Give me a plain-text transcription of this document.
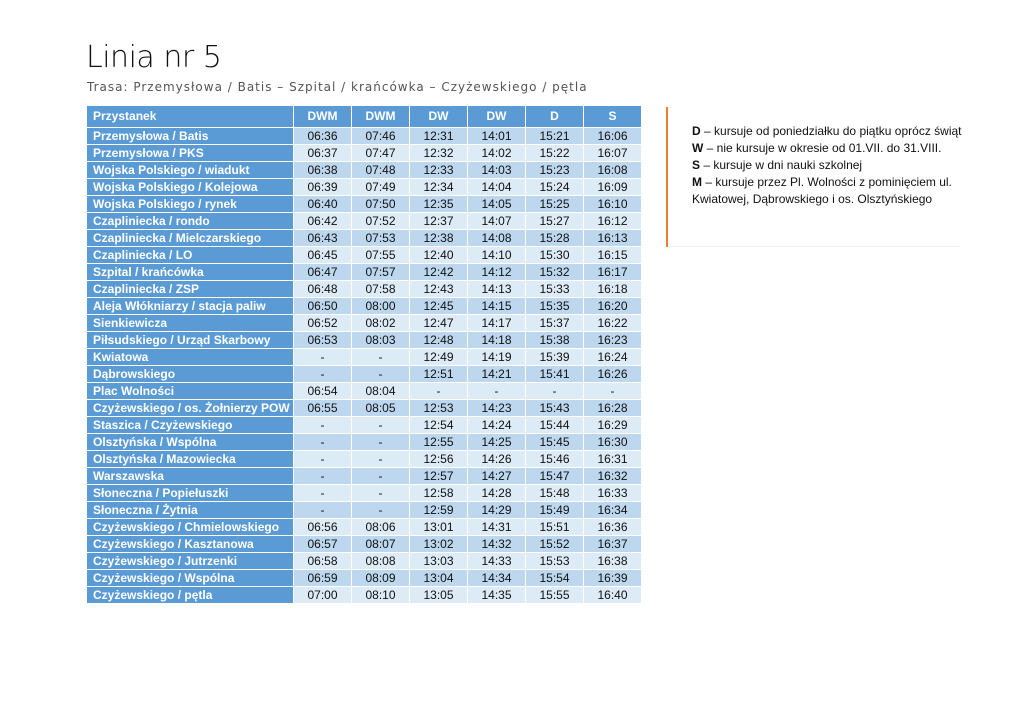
Linia nr 5
Trasa: Przemysłowa / Batis – Szpital / krańcówka – Czyżewskiego / pętla
Przystanek	DWM	DWM	DW	DW	D	S
Przemysłowa / Batis	06:36	07:46	12:31	14:01	15:21	16:06
Przemysłowa / PKS	06:37	07:47	12:32	14:02	15:22	16:07
Wojska Polskiego / wiadukt	06:38	07:48	12:33	14:03	15:23	16:08
Wojska Polskiego / Kolejowa	06:39	07:49	12:34	14:04	15:24	16:09
Wojska Polskiego / rynek	06:40	07:50	12:35	14:05	15:25	16:10
Czapliniecka / rondo	06:42	07:52	12:37	14:07	15:27	16:12
Czapliniecka / Mielczarskiego	06:43	07:53	12:38	14:08	15:28	16:13
Czapliniecka / LO	06:45	07:55	12:40	14:10	15:30	16:15
Szpital / krańcówka	06:47	07:57	12:42	14:12	15:32	16:17
Czapliniecka / ZSP	06:48	07:58	12:43	14:13	15:33	16:18
Aleja Włókniarzy / stacja paliw	06:50	08:00	12:45	14:15	15:35	16:20
Sienkiewicza	06:52	08:02	12:47	14:17	15:37	16:22
Piłsudskiego / Urząd Skarbowy	06:53	08:03	12:48	14:18	15:38	16:23
Kwiatowa	-	-	12:49	14:19	15:39	16:24
Dąbrowskiego	-	-	12:51	14:21	15:41	16:26
Plac Wolności	06:54	08:04	-	-	-	-
Czyżewskiego / os. Żołnierzy POW	06:55	08:05	12:53	14:23	15:43	16:28
Staszica / Czyżewskiego	-	-	12:54	14:24	15:44	16:29
Olsztyńska / Wspólna	-	-	12:55	14:25	15:45	16:30
Olsztyńska / Mazowiecka	-	-	12:56	14:26	15:46	16:31
Warszawska	-	-	12:57	14:27	15:47	16:32
Słoneczna / Popiełuszki	-	-	12:58	14:28	15:48	16:33
Słoneczna / Żytnia	-	-	12:59	14:29	15:49	16:34
Czyżewskiego / Chmielowskiego	06:56	08:06	13:01	14:31	15:51	16:36
Czyżewskiego / Kasztanowa	06:57	08:07	13:02	14:32	15:52	16:37
Czyżewskiego / Jutrzenki	06:58	08:08	13:03	14:33	15:53	16:38
Czyżewskiego / Wspólna	06:59	08:09	13:04	14:34	15:54	16:39
Czyżewskiego / pętla	07:00	08:10	13:05	14:35	15:55	16:40

D – kursuje od poniedziałku do piątku oprócz świąt

W – nie kursuje w okresie od 01.VII. do 31.VIII.

S – kursuje w dni nauki szkolnej

M – kursuje przez Pl. Wolności z pominięciem ul. Kwiatowej, Dąbrowskiego i os. Olsztyńskiego
